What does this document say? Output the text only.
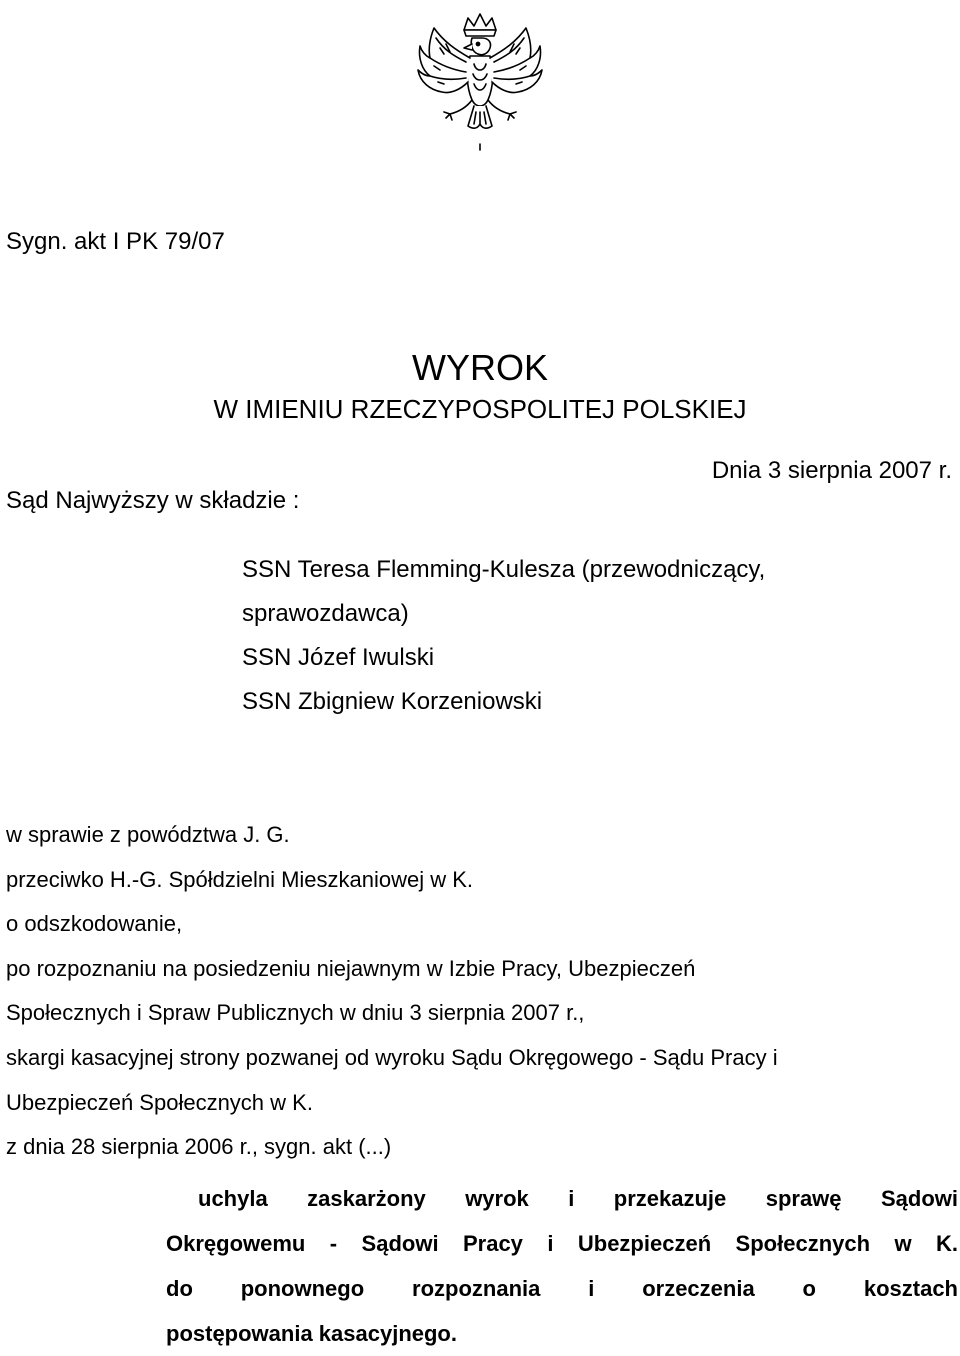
Sygn. akt I PK 79/07
WYROK
W IMIENIU RZECZYPOSPOLITEJ POLSKIEJ
Dnia 3 sierpnia 2007 r.
Sąd Najwyższy w składzie :
SSN Teresa Flemming-Kulesza (przewodniczący,
sprawozdawca)
SSN Józef Iwulski
SSN Zbigniew Korzeniowski
w sprawie z powództwa J. G.
przeciwko H.-G. Spółdzielni Mieszkaniowej w K.
o odszkodowanie,
po rozpoznaniu na posiedzeniu niejawnym w Izbie Pracy, Ubezpieczeń
Społecznych i Spraw Publicznych w dniu 3 sierpnia 2007 r.,
skargi kasacyjnej strony pozwanej od wyroku Sądu Okręgowego - Sądu Pracy i
Ubezpieczeń Społecznych w K.
z dnia 28 sierpnia 2006 r., sygn. akt (...)
uchyla zaskarżony wyrok i przekazuje sprawę Sądowi
Okręgowemu - Sądowi Pracy i Ubezpieczeń Społecznych w K.
do ponownego rozpoznania i orzeczenia o kosztach
postępowania kasacyjnego.
